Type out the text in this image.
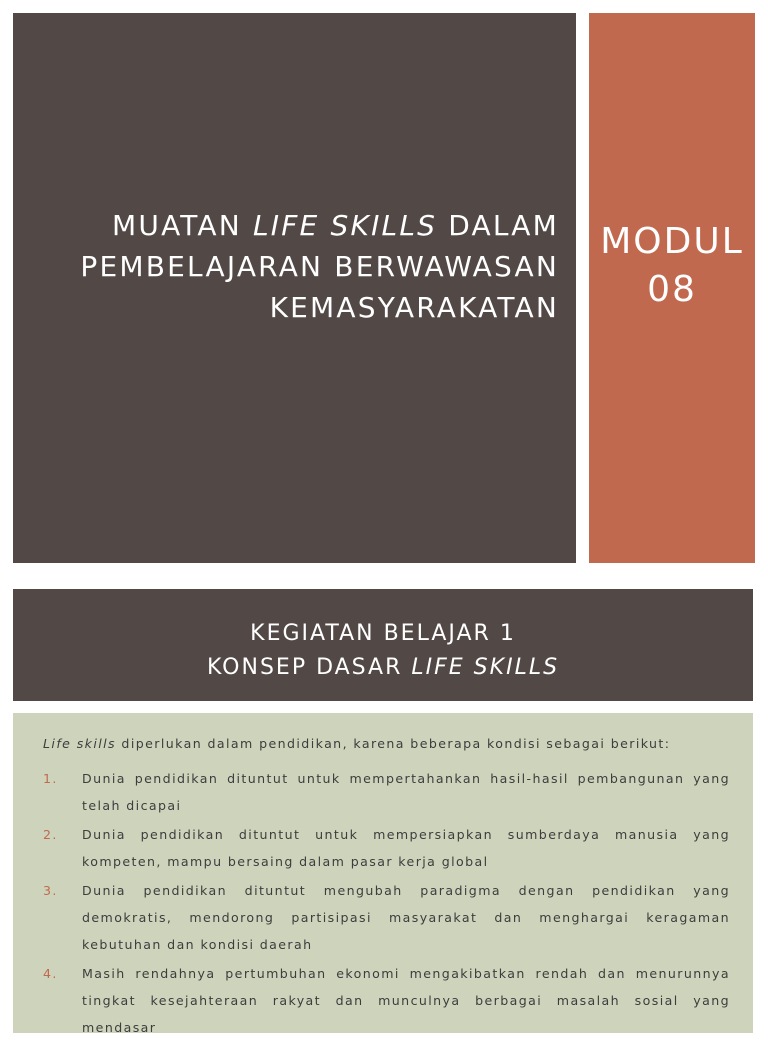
MUATAN LIFE SKILLS DALAM
PEMBELAJARAN BERWAWASAN
KEMASYARAKATAN
MODUL
08
KEGIATAN BELAJAR 1
KONSEP DASAR LIFE SKILLS

Life skills diperlukan dalam pendidikan, karena beberapa kondisi sebagai berikut:

1. Dunia pendidikan dituntut untuk mempertahankan hasil-hasil pembangunan yang telah dicapai
2. Dunia pendidikan dituntut untuk mempersiapkan sumberdaya manusia yang kompeten, mampu bersaing dalam pasar kerja global
3. Dunia pendidikan dituntut mengubah paradigma dengan pendidikan yang demokratis, mendorong partisipasi masyarakat dan menghargai keragaman kebutuhan dan kondisi daerah
4. Masih rendahnya pertumbuhan ekonomi mengakibatkan rendah dan menurunnya tingkat kesejahteraan rakyat dan munculnya berbagai masalah sosial yang mendasar
